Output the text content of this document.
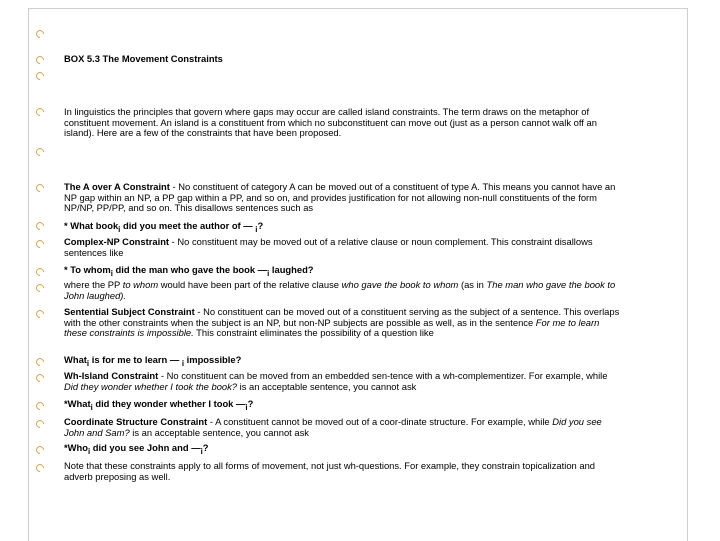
BOX 5.3 The Movement Constraints
In linguistics the principles that govern where gaps may occur are called island constraints. The term draws on the metaphor of constituent movement. An island is a constituent from which no subconstituent can move out (just as a person cannot walk off an island). Here are a few of the constraints that have been proposed.
The A over A Constraint - No constituent of category A can be moved out of a constituent of type A. This means you cannot have an NP gap within an NP, a PP gap within a PP, and so on, and provides justification for not allowing non-null constituents of the form NP/NP, PP/PP, and so on. This disallows sentences such as
* What book$_i$ did you meet the author of — $_i$?
Complex-NP Constraint - No constituent may be moved out of a relative clause or noun complement. This constraint disallows sentences like
* To whom$_i$ did the man who gave the book $—_i$ laughed?
where the PP to whom would have been part of the relative clause who gave the book to whom (as in The man who gave the book to John laughed).
Sentential Subject Constraint - No constituent can be moved out of a constituent serving as the subject of a sentence. This overlaps with the other constraints when the subject is an NP, but non-NP subjects are possible as well, as in the sentence For me to learn these constraints is impossible. This constraint eliminates the possibility of a question like
What$_i$ is for me to learn — $_i$ impossible?
Wh-Island Constraint - No constituent can be moved from an embedded sen-tence with a wh-complementizer. For example, while Did they wonder whether I took the book? is an acceptable sentence, you cannot ask
*What$_i$ did they wonder whether I took $—_i$?
Coordinate Structure Constraint - A constituent cannot be moved out of a coor-dinate structure. For example, while Did you see John and Sam? is an acceptable sentence, you cannot ask
*Who$_i$ did you see John and $—_i$?
Note that these constraints apply to all forms of movement, not just wh-questions. For example, they constrain topicalization and adverb preposing as well.
